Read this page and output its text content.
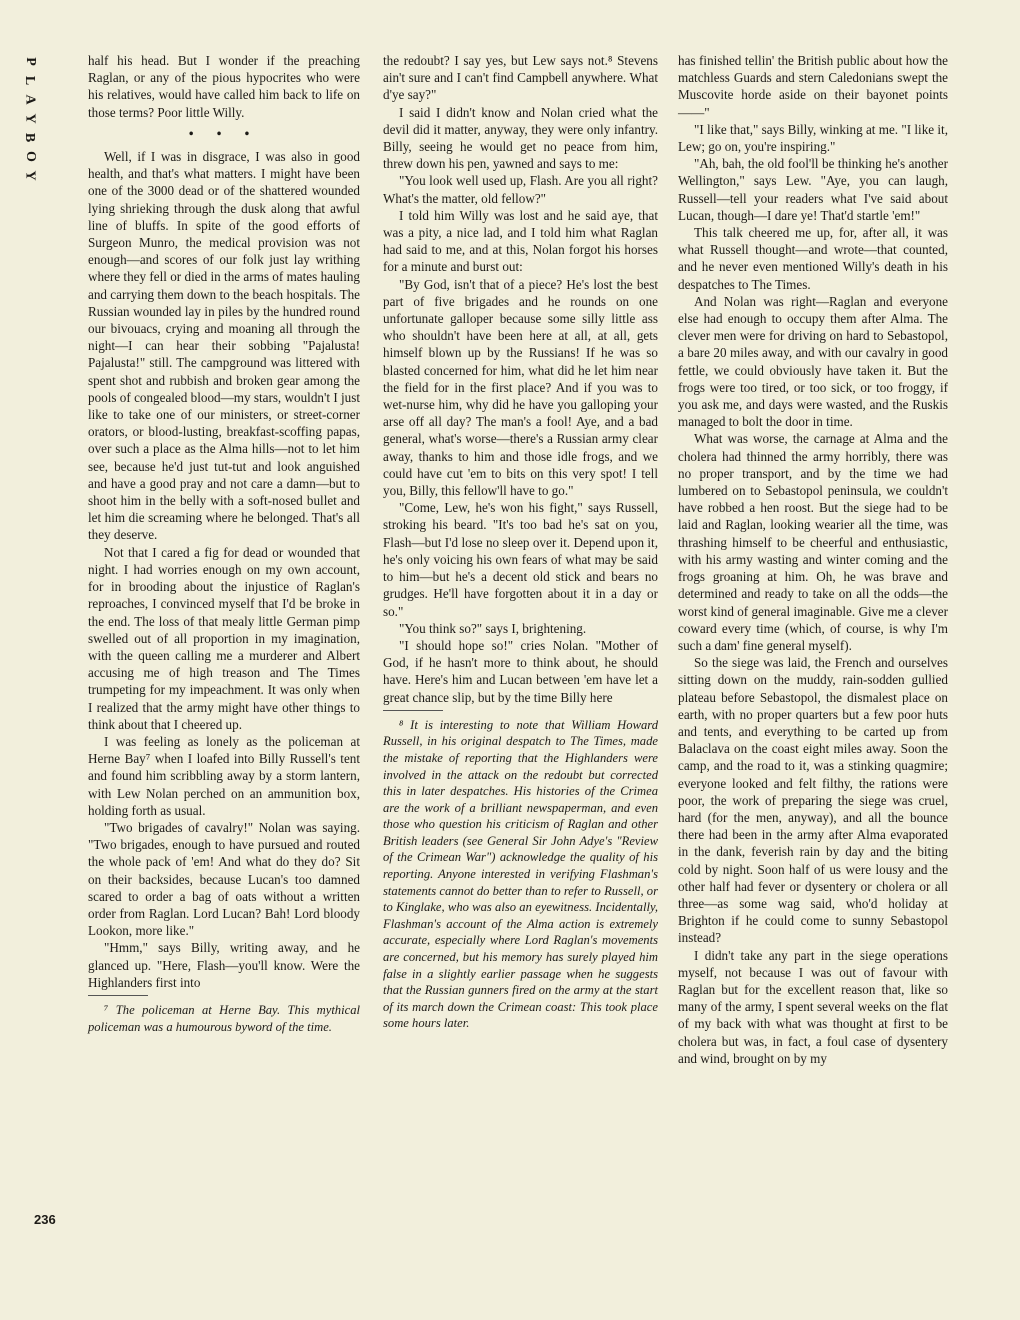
P
L
A
Y
B
O
Y

half his head. But I wonder if the preaching Raglan, or any of the pious hypocrites who were his relatives, would have called him back to life on those terms? Poor little Willy.

• • •

Well, if I was in disgrace, I was also in good health, and that's what matters. I might have been one of the 3000 dead or of the shattered wounded lying shrieking through the dusk along that awful line of bluffs. In spite of the good efforts of Surgeon Munro, the medical provision was not enough—and scores of our folk just lay writhing where they fell or died in the arms of mates hauling and carrying them down to the beach hospitals. The Russian wounded lay in piles by the hundred round our bivouacs, crying and moaning all through the night—I can hear their sobbing "Pajalusta! Pajalusta!" still. The campground was littered with spent shot and rubbish and broken gear among the pools of congealed blood—my stars, wouldn't I just like to take one of our ministers, or street-corner orators, or blood-lusting, breakfast-scoffing papas, over such a place as the Alma hills—not to let him see, because he'd just tut-tut and look anguished and have a good pray and not care a damn—but to shoot him in the belly with a soft-nosed bullet and let him die screaming where he belonged. That's all they deserve.

Not that I cared a fig for dead or wounded that night. I had worries enough on my own account, for in brooding about the injustice of Raglan's reproaches, I convinced myself that I'd be broke in the end. The loss of that mealy little German pimp swelled out of all proportion in my imagination, with the queen calling me a murderer and Albert accusing me of high treason and The Times trumpeting for my impeachment. It was only when I realized that the army might have other things to think about that I cheered up.

I was feeling as lonely as the policeman at Herne Bay⁷ when I loafed into Billy Russell's tent and found him scribbling away by a storm lantern, with Lew Nolan perched on an ammunition box, holding forth as usual.

"Two brigades of cavalry!" Nolan was saying. "Two brigades, enough to have pursued and routed the whole pack of 'em! And what do they do? Sit on their backsides, because Lucan's too damned scared to order a bag of oats without a written order from Raglan. Lord Lucan? Bah! Lord bloody Lookon, more like."

"Hmm," says Billy, writing away, and he glanced up. "Here, Flash—you'll know. Were the Highlanders first into

⁷ The policeman at Herne Bay. This mythical policeman was a humourous byword of the time.

the redoubt? I say yes, but Lew says not.⁸ Stevens ain't sure and I can't find Campbell anywhere. What d'ye say?"

I said I didn't know and Nolan cried what the devil did it matter, anyway, they were only infantry. Billy, seeing he would get no peace from him, threw down his pen, yawned and says to me:

"You look well used up, Flash. Are you all right? What's the matter, old fellow?"

I told him Willy was lost and he said aye, that was a pity, a nice lad, and I told him what Raglan had said to me, and at this, Nolan forgot his horses for a minute and burst out:

"By God, isn't that of a piece? He's lost the best part of five brigades and he rounds on one unfortunate galloper because some silly little ass who shouldn't have been here at all, at all, gets himself blown up by the Russians! If he was so blasted concerned for him, what did he let him near the field for in the first place? And if you was to wet-nurse him, why did he have you galloping your arse off all day? The man's a fool! Aye, and a bad general, what's worse—there's a Russian army clear away, thanks to him and those idle frogs, and we could have cut 'em to bits on this very spot! I tell you, Billy, this fellow'll have to go."

"Come, Lew, he's won his fight," says Russell, stroking his beard. "It's too bad he's sat on you, Flash—but I'd lose no sleep over it. Depend upon it, he's only voicing his own fears of what may be said to him—but he's a decent old stick and bears no grudges. He'll have forgotten about it in a day or so."

"You think so?" says I, brightening.

"I should hope so!" cries Nolan. "Mother of God, if he hasn't more to think about, he should have. Here's him and Lucan between 'em have let a great chance slip, but by the time Billy here

⁸ It is interesting to note that William Howard Russell, in his original despatch to The Times, made the mistake of reporting that the Highlanders were involved in the attack on the redoubt but corrected this in later despatches. His histories of the Crimea are the work of a brilliant newspaperman, and even those who question his criticism of Raglan and other British leaders (see General Sir John Adye's "Review of the Crimean War") acknowledge the quality of his reporting. Anyone interested in verifying Flashman's statements cannot do better than to refer to Russell, or to Kinglake, who was also an eyewitness. Incidentally, Flashman's account of the Alma action is extremely accurate, especially where Lord Raglan's movements are concerned, but his memory has surely played him false in a slightly earlier passage when he suggests that the Russian gunners fired on the army at the start of its march down the Crimean coast: This took place some hours later.

has finished tellin' the British public about how the matchless Guards and stern Caledonians swept the Muscovite horde aside on their bayonet points——"

"I like that," says Billy, winking at me. "I like it, Lew; go on, you're inspiring."

"Ah, bah, the old fool'll be thinking he's another Wellington," says Lew. "Aye, you can laugh, Russell—tell your readers what I've said about Lucan, though—I dare ye! That'd startle 'em!"

This talk cheered me up, for, after all, it was what Russell thought—and wrote—that counted, and he never even mentioned Willy's death in his despatches to The Times.

And Nolan was right—Raglan and everyone else had enough to occupy them after Alma. The clever men were for driving on hard to Sebastopol, a bare 20 miles away, and with our cavalry in good fettle, we could obviously have taken it. But the frogs were too tired, or too sick, or too froggy, if you ask me, and days were wasted, and the Ruskis managed to bolt the door in time.

What was worse, the carnage at Alma and the cholera had thinned the army horribly, there was no proper transport, and by the time we had lumbered on to Sebastopol peninsula, we couldn't have robbed a hen roost. But the siege had to be laid and Raglan, looking wearier all the time, was thrashing himself to be cheerful and enthusiastic, with his army wasting and winter coming and the frogs groaning at him. Oh, he was brave and determined and ready to take on all the odds—the worst kind of general imaginable. Give me a clever coward every time (which, of course, is why I'm such a dam' fine general myself).

So the siege was laid, the French and ourselves sitting down on the muddy, rain-sodden gullied plateau before Sebastopol, the dismalest place on earth, with no proper quarters but a few poor huts and tents, and everything to be carted up from Balaclava on the coast eight miles away. Soon the camp, and the road to it, was a stinking quagmire; everyone looked and felt filthy, the rations were poor, the work of preparing the siege was cruel, hard (for the men, anyway), and all the bounce there had been in the army after Alma evaporated in the dank, feverish rain by day and the biting cold by night. Soon half of us were lousy and the other half had fever or dysentery or cholera or all three—as some wag said, who'd holiday at Brighton if he could come to sunny Sebastopol instead?

I didn't take any part in the siege operations myself, not because I was out of favour with Raglan but for the excellent reason that, like so many of the army, I spent several weeks on the flat of my back with what was thought at first to be cholera but was, in fact, a foul case of dysentery and wind, brought on by my

236
